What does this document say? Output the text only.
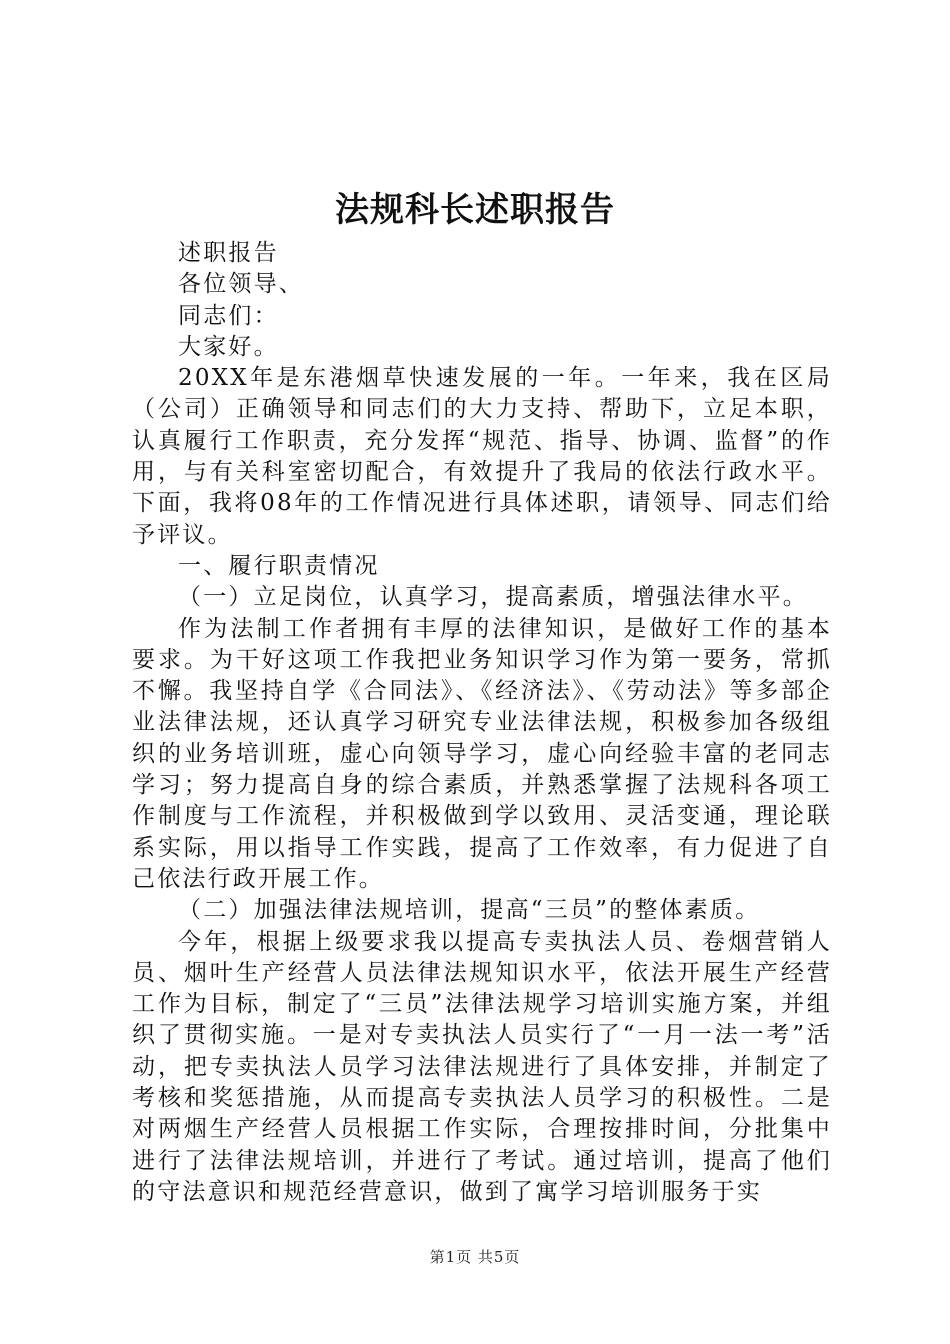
法规科长述职报告

述职报告

各位领导、

同志们：

大家好。

20XX年是东港烟草快速发展的一年。一年来，我在区局（公司）正确领导和同志们的大力支持、帮助下，立足本职，认真履行工作职责，充分发挥“规范、指导、协调、监督”的作用，与有关科室密切配合，有效提升了我局的依法行政水平。下面，我将08年的工作情况进行具体述职，请领导、同志们给予评议。

一、履行职责情况

（一）立足岗位，认真学习，提高素质，增强法律水平。

作为法制工作者拥有丰厚的法律知识，是做好工作的基本要求。为干好这项工作我把业务知识学习作为第一要务，常抓不懈。我坚持自学《合同法》、《经济法》、《劳动法》等多部企业法律法规，还认真学习研究专业法律法规，积极参加各级组织的业务培训班，虚心向领导学习，虚心向经验丰富的老同志学习；努力提高自身的综合素质，并熟悉掌握了法规科各项工作制度与工作流程，并积极做到学以致用、灵活变通，理论联系实际，用以指导工作实践，提高了工作效率，有力促进了自己依法行政开展工作。

（二）加强法律法规培训，提高“三员”的整体素质。

今年，根据上级要求我以提高专卖执法人员、卷烟营销人员、烟叶生产经营人员法律法规知识水平，依法开展生产经营工作为目标，制定了“三员”法律法规学习培训实施方案，并组织了贯彻实施。一是对专卖执法人员实行了“一月一法一考”活动，把专卖执法人员学习法律法规进行了具体安排，并制定了考核和奖惩措施，从而提高专卖执法人员学习的积极性。二是对两烟生产经营人员根据工作实际，合理按排时间，分批集中进行了法律法规培训，并进行了考试。通过培训，提高了他们的守法意识和规范经营意识，做到了寓学习培训服务于实

第1页 共5页
